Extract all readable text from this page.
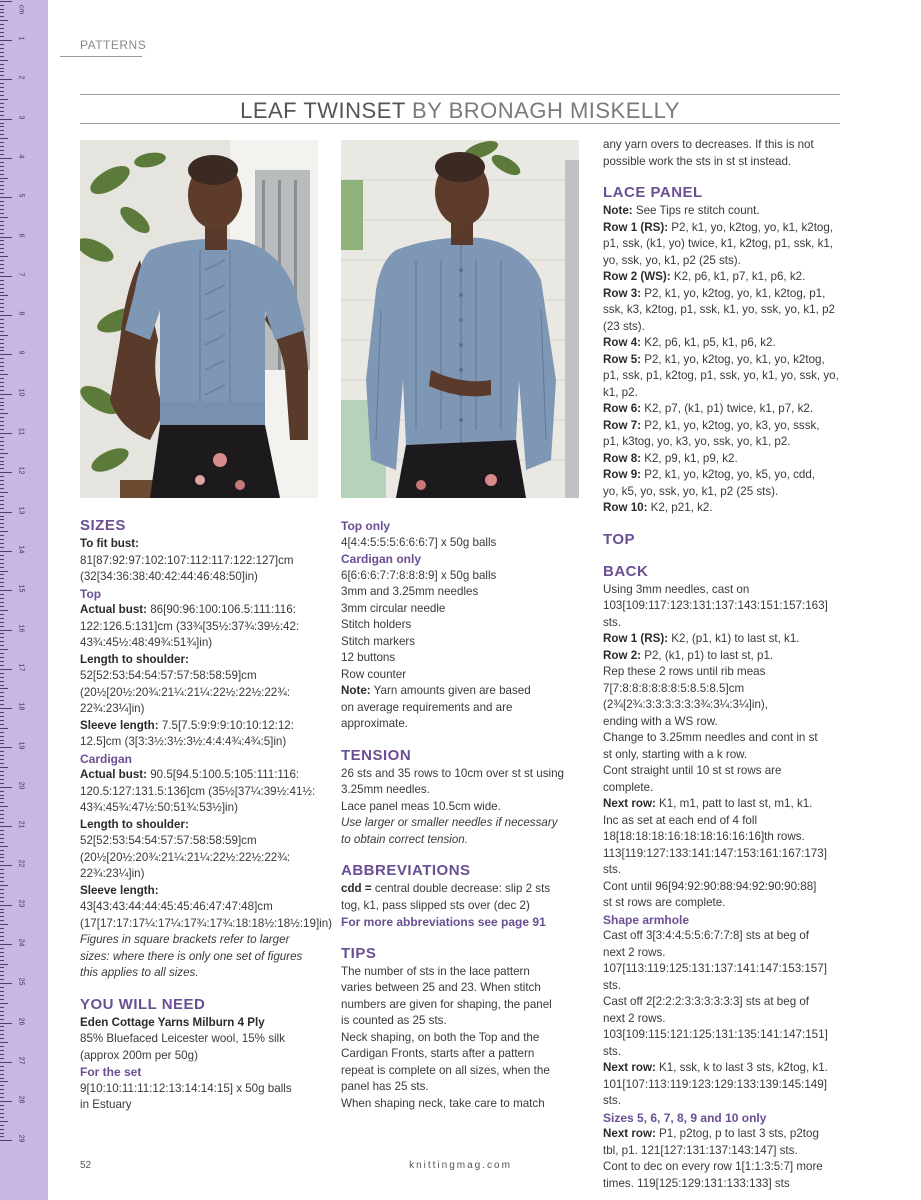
cm
1
2
3
4
5
6
7
8
9
10
11
12
13
14
15
16
17
18
19
20
21
22
23
24
25
26
27
28
29
PATTERNS
LEAF TWINSET BY BRONAGH MISKELLY

SIZES

To fit bust:

81[87:92:97:102:107:112:117:122:127]cm

(32[34:36:38:40:42:44:46:48:50]in)

Top

Actual bust: 86[90:96:100:106.5:111:116:

122:126.5:131]cm (33¾[35½:37¾:39½:42:

43¾:45½:48:49¾:51¾]in)

Length to shoulder:

52[52:53:54:54:57:57:58:58:59]cm

(20½[20½:20¾:21¼:21¼:22½:22½:22¾:

22¾:23¼]in)

Sleeve length: 7.5[7.5:9:9:9:10:10:12:12:

12.5]cm (3[3:3½:3½:3½:4:4:4¾:4¾:5]in)

Cardigan

Actual bust: 90.5[94.5:100.5:105:111:116:

120.5:127:131.5:136]cm (35½[37¼:39½:41½:

43¾:45¾:47½:50:51¾:53½]in)

Length to shoulder:

52[52:53:54:54:57:57:58:58:59]cm

(20½[20½:20¾:21¼:21¼:22½:22½:22¾:

22¾:23¼]in)

Sleeve length:

43[43:43:44:44:45:45:46:47:47:48]cm

(17[17:17:17¼:17¼:17¾:17¾:18:18½:18½:19]in)

Figures in square brackets refer to larger

sizes: where there is only one set of figures

this applies to all sizes.

YOU WILL NEED

Eden Cottage Yarns Milburn 4 Ply

85% Bluefaced Leicester wool, 15% silk

(approx 200m per 50g)

For the set

9[10:10:11:11:12:13:14:14:15] x 50g balls

in Estuary

Top only

4[4:4:5:5:5:6:6:6:7] x 50g balls

Cardigan only

6[6:6:6:7:7:8:8:8:9] x 50g balls

3mm and 3.25mm needles

3mm circular needle

Stitch holders

Stitch markers

12 buttons

Row counter

Note: Yarn amounts given are based

on average requirements and are

approximate.

TENSION

26 sts and 35 rows to 10cm over st st using

3.25mm needles.

Lace panel meas 10.5cm wide.

Use larger or smaller needles if necessary

to obtain correct tension.

ABBREVIATIONS

cdd = central double decrease: slip 2 sts

tog, k1, pass slipped sts over (dec 2)

For more abbreviations see page 91

TIPS

The number of sts in the lace pattern

varies between 25 and 23. When stitch

numbers are given for shaping, the panel

is counted as 25 sts.

Neck shaping, on both the Top and the

Cardigan Fronts, starts after a pattern

repeat is complete on all sizes, when the

panel has 25 sts.

When shaping neck, take care to match

any yarn overs to decreases. If this is not

possible work the sts in st st instead.

LACE PANEL

Note: See Tips re stitch count.

Row 1 (RS): P2, k1, yo, k2tog, yo, k1, k2tog,

p1, ssk, (k1, yo) twice, k1, k2tog, p1, ssk, k1,

yo, ssk, yo, k1, p2 (25 sts).

Row 2 (WS): K2, p6, k1, p7, k1, p6, k2.

Row 3: P2, k1, yo, k2tog, yo, k1, k2tog, p1,

ssk, k3, k2tog, p1, ssk, k1, yo, ssk, yo, k1, p2

(23 sts).

Row 4: K2, p6, k1, p5, k1, p6, k2.

Row 5: P2, k1, yo, k2tog, yo, k1, yo, k2tog,

p1, ssk, p1, k2tog, p1, ssk, yo, k1, yo, ssk, yo,

k1, p2.

Row 6: K2, p7, (k1, p1) twice, k1, p7, k2.

Row 7: P2, k1, yo, k2tog, yo, k3, yo, sssk,

p1, k3tog, yo, k3, yo, ssk, yo, k1, p2.

Row 8: K2, p9, k1, p9, k2.

Row 9: P2, k1, yo, k2tog, yo, k5, yo, cdd,

yo, k5, yo, ssk, yo, k1, p2 (25 sts).

Row 10: K2, p21, k2.

TOP

BACK

Using 3mm needles, cast on

103[109:117:123:131:137:143:151:157:163] sts.

Row 1 (RS): K2, (p1, k1) to last st, k1.

Row 2: P2, (k1, p1) to last st, p1.

Rep these 2 rows until rib meas

7[7:8:8:8:8:8:8:5:8.5:8.5]cm

(2¾[2¾:3:3:3:3:3:3¾:3¼:3¼]in),

ending with a WS row.

Change to 3.25mm needles and cont in st

st only, starting with a k row.

Cont straight until 10 st st rows are

complete.

Next row: K1, m1, patt to last st, m1, k1.

Inc as set at each end of 4 foll

18[18:18:18:16:18:18:16:16:16]th rows.

113[119:127:133:141:147:153:161:167:173] sts.

Cont until 96[94:92:90:88:94:92:90:90:88]

st st rows are complete.

Shape armhole

Cast off 3[3:4:4:5:5:6:7:7:8] sts at beg of

next 2 rows.

107[113:119:125:131:137:141:147:153:157] sts.

Cast off 2[2:2:2:3:3:3:3:3:3] sts at beg of

next 2 rows.

103[109:115:121:125:131:135:141:147:151] sts.

Next row: K1, ssk, k to last 3 sts, k2tog, k1.

101[107:113:119:123:129:133:139:145:149] sts.

Sizes 5, 6, 7, 8, 9 and 10 only

Next row: P1, p2tog, p to last 3 sts, p2tog

tbl, p1. 121[127:131:137:143:147] sts.

Cont to dec on every row 1[1:1:3:5:7] more

times. 119[125:129:131:133:133] sts

52	knittingmag.com
